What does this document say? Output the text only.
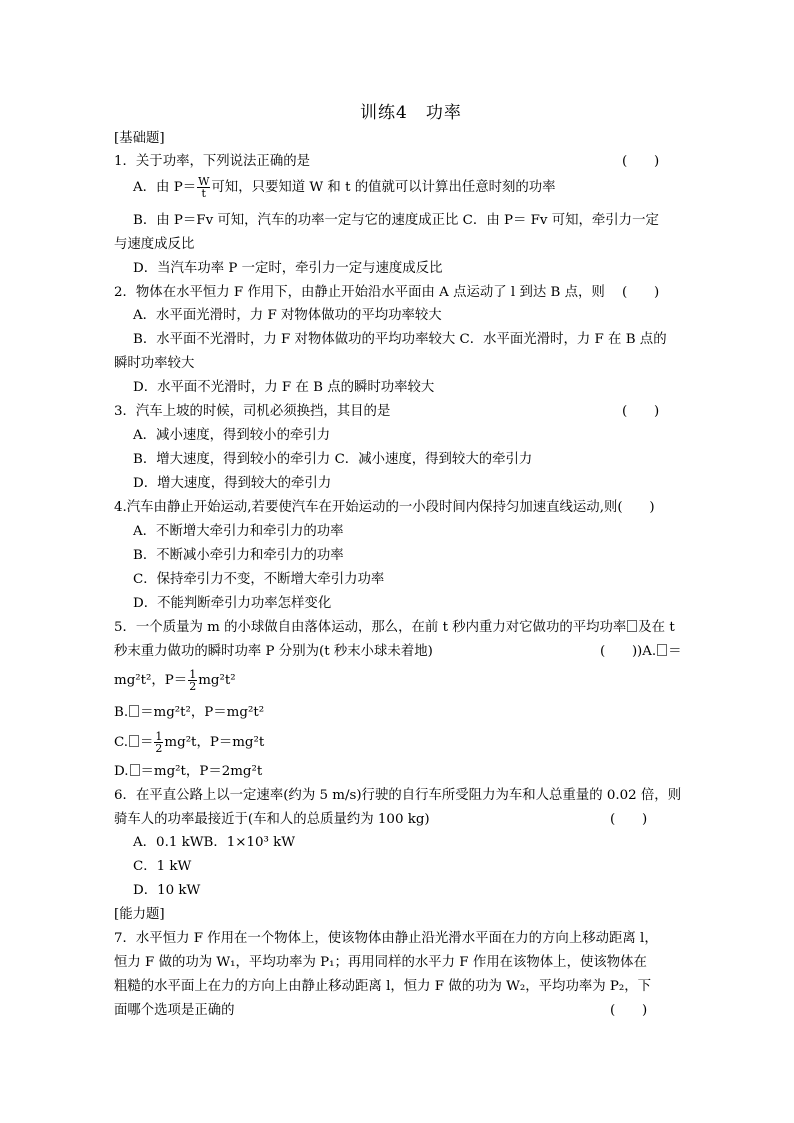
训练4　功率
[基础题]
1．关于功率，下列说法正确的是	(　　)
A．由 $P= \frac{W}{t}$ 可知，只要知道 W 和 t 的值就可以计算出任意时刻的功率
B．由 P＝Fv 可知，汽车的功率一定与它的速度成正比 C．由 P＝ Fv 可知，牵引力一定
与速度成反比
D．当汽车功率 P 一定时，牵引力一定与速度成反比
2．物体在水平恒力 F 作用下，由静止开始沿水平面由 A 点运动了 l 到达 B 点，则 (　　)
A．水平面光滑时，力 F 对物体做功的平均功率较大
B．水平面不光滑时，力 F 对物体做功的平均功率较大 C．水平面光滑时，力 F 在 B 点的
瞬时功率较大
D．水平面不光滑时，力 F 在 B 点的瞬时功率较大
3．汽车上坡的时候，司机必须换挡，其目的是	(　　)
A．减小速度，得到较小的牵引力
B．增大速度，得到较小的牵引力 C．减小速度，得到较大的牵引力
D．增大速度，得到较大的牵引力
4.汽车由静止开始运动,若要使汽车在开始运动的一小段时间内保持匀加速直线运动,则(　　)
A．不断增大牵引力和牵引力的功率
B．不断减小牵引力和牵引力的功率
C．保持牵引力不变，不断增大牵引力功率
D．不能判断牵引力功率怎样变化
5．一个质量为 m 的小球做自由落体运动，那么，在前 t 秒内重力对它做功的平均功率 及在 t
秒末重力做功的瞬时功率 P 分别为(t 秒末小球未着地)	(　　) )A. ＝
mg²t²，$P= \frac{1}{2} mg^2t^2$
B. ＝mg²t²，P＝mg²t²
C. ＝ $\frac{1}{2} mg^2t$，P＝mg²t
D. ＝mg²t，P＝2mg²t
6．在平直公路上以一定速率(约为 5 m/s)行驶的自行车所受阻力为车和人总重量的 0.02 倍，则
骑车人的功率最接近于(车和人的总质量约为 100 kg)	(　　)
A．0.1 kWB．1×10³ kW
C．1 kW
D．10 kW
[能力题]
7．水平恒力 F 作用在一个物体上，使该物体由静止沿光滑水平面在力的方向上移动距离 l，
恒力 F 做的功为 W₁，平均功率为 P₁；再用同样的水平力 F 作用在该物体上，使该物体在
粗糙的水平面上在力的方向上由静止移动距离 l，恒力 F 做的功为 W₂，平均功率为 P₂，下
面哪个选项是正确的	(　　)
